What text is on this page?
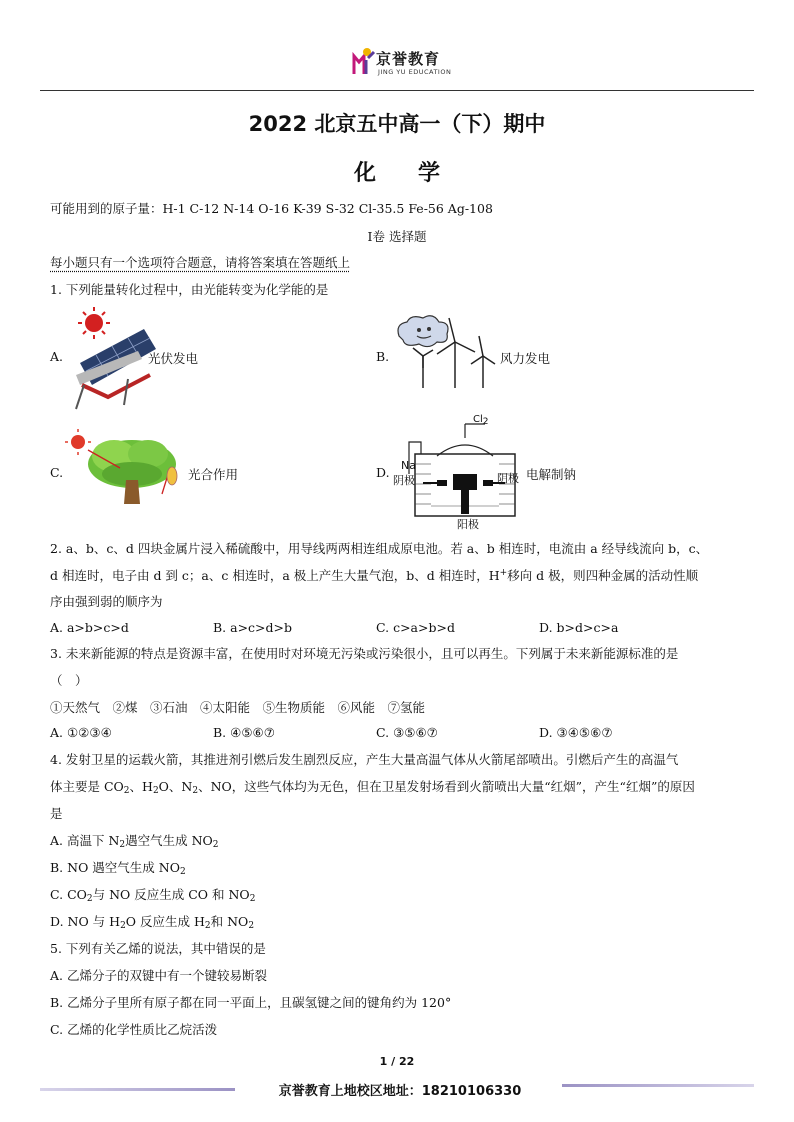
京誉教育
JING YU EDUCATION
2022 北京五中高一（下）期中
化学
可能用到的原子量：H-1 C-12 N-14 O-16 K-39 S-32 Cl-35.5 Fe-56 Ag-108
I卷 选择题
每小题只有一个选项符合题意，请将答案填在答题纸上
1. 下列能量转化过程中，由光能转变为化学能的是
A.	光伏发电	B.	风力发电
C.	光合作用	D.
$Cl_2$
Na
阴极	阴极
阳极
电解制钠
2. a、b、c、d 四块金属片浸入稀硫酸中，用导线两两相连组成原电池。若 a、b 相连时，电流由 a 经导线流向 b，c、
d 相连时，电子由 d 到 c；a、c 相连时，a 极上产生大量气泡，b、d 相连时，H+移向 d 极，则四种金属的活动性顺
序由强到弱的顺序为
A. a>b>c>d	B. a>c>d>b	C. c>a>b>d	D. b>d>c>a
3. 未来新能源的特点是资源丰富，在使用时对环境无污染或污染很小，且可以再生。下列属于未来新能源标准的是
（　）
①天然气　②煤　③石油　④太阳能　⑤生物质能　⑥风能　⑦氢能
A. ①②③④	B. ④⑤⑥⑦	C. ③⑤⑥⑦	D. ③④⑤⑥⑦
4. 发射卫星的运载火箭，其推进剂引燃后发生剧烈反应，产生大量高温气体从火箭尾部喷出。引燃后产生的高温气
体主要是 $CO_2$、$H_2O$、$N_2$、NO，这些气体均为无色，但在卫星发射场看到火箭喷出大量“红烟”，产生“红烟”的原因
是
A. 高温下 $N_2$遇空气生成 $NO_2$
B. NO 遇空气生成 $NO_2$
C. $CO_2$与 NO 反应生成 CO 和 $NO_2$
D. NO 与 $H_2O$ 反应生成 $H_2$和 $NO_2$
5. 下列有关乙烯的说法，其中错误的是
A. 乙烯分子的双键中有一个键较易断裂
B. 乙烯分子里所有原子都在同一平面上，且碳氢键之间的键角约为 120°
C. 乙烯的化学性质比乙烷活泼
1 / 22
京誉教育上地校区地址：18210106330
